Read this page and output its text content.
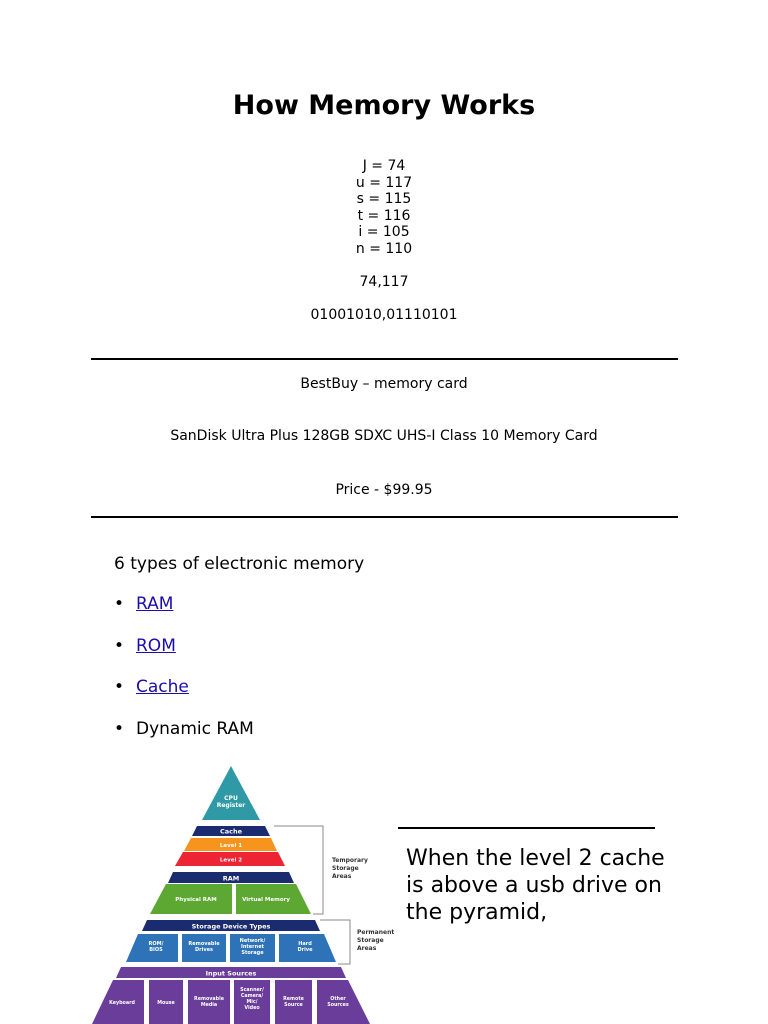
How Memory Works
J = 74
u = 117
s = 115
t = 116
i = 105
n = 110
74,117
01001010,01110101
BestBuy – memory card
SanDisk Ultra Plus 128GB SDXC UHS-I Class 10 Memory Card
Price - $99.95
6 types of electronic memory
• RAM
• ROM
• Cache
• Dynamic RAM
CPU Register
Cache
Level 1
Level 2
RAM
Physical RAM	Virtual Memory
Storage Device Types
ROM/ BIOS
Removable Drives
Network/ Internet Storage
Hard Drive
Input Sources
Keyboard	Mouse
Removable Media
Scanner/ Camera/ Mic/ Video
Remote Source
Other Sources
Temporary Storage Areas
Permanent Storage Areas
When the level 2 cache is above a usb drive on the pyramid,
